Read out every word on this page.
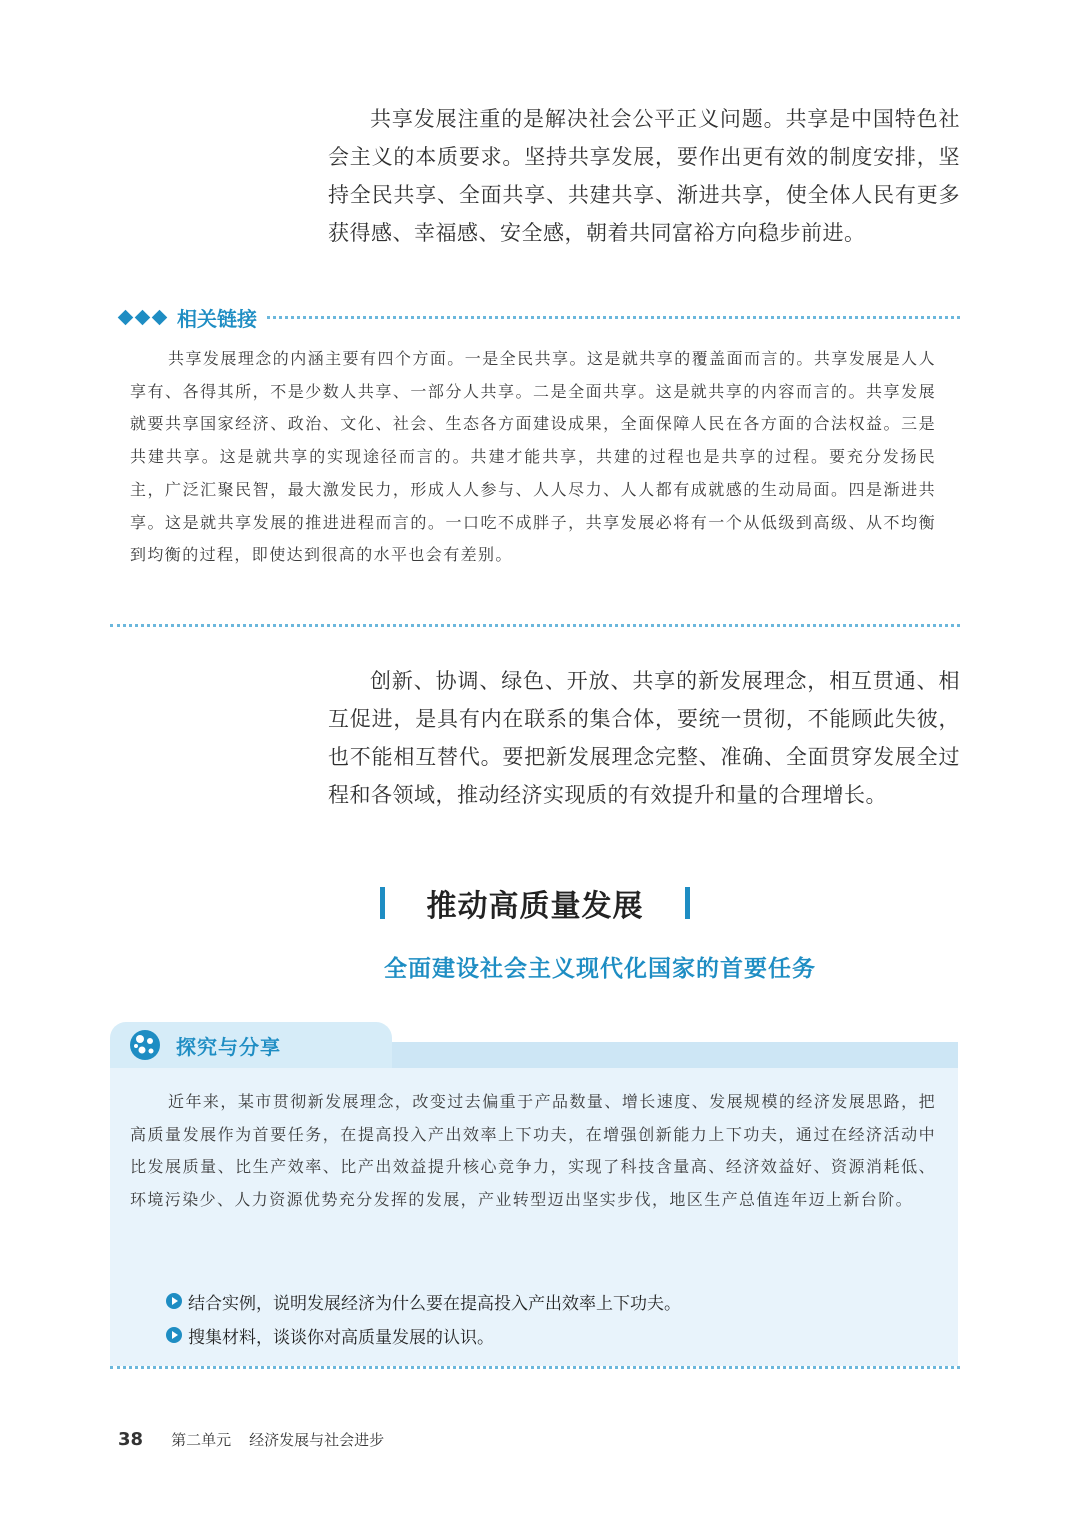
共享发展注重的是解决社会公平正义问题。共享是中国特色社会主义的本质要求。坚持共享发展，要作出更有效的制度安排，坚持全民共享、全面共享、共建共享、渐进共享，使全体人民有更多获得感、幸福感、安全感，朝着共同富裕方向稳步前进。

相关链接

共享发展理念的内涵主要有四个方面。一是全民共享。这是就共享的覆盖面而言的。共享发展是人人享有、各得其所，不是少数人共享、一部分人共享。二是全面共享。这是就共享的内容而言的。共享发展就要共享国家经济、政治、文化、社会、生态各方面建设成果，全面保障人民在各方面的合法权益。三是共建共享。这是就共享的实现途径而言的。共建才能共享，共建的过程也是共享的过程。要充分发扬民主，广泛汇聚民智，最大激发民力，形成人人参与、人人尽力、人人都有成就感的生动局面。四是渐进共享。这是就共享发展的推进进程而言的。一口吃不成胖子，共享发展必将有一个从低级到高级、从不均衡到均衡的过程，即使达到很高的水平也会有差别。

创新、协调、绿色、开放、共享的新发展理念，相互贯通、相互促进，是具有内在联系的集合体，要统一贯彻，不能顾此失彼，也不能相互替代。要把新发展理念完整、准确、全面贯穿发展全过程和各领域，推动经济实现质的有效提升和量的合理增长。

推动高质量发展

全面建设社会主义现代化国家的首要任务

探究与分享

近年来，某市贯彻新发展理念，改变过去偏重于产品数量、增长速度、发展规模的经济发展思路，把高质量发展作为首要任务，在提高投入产出效率上下功夫，在增强创新能力上下功夫，通过在经济活动中比发展质量、比生产效率、比产出效益提升核心竞争力，实现了科技含量高、经济效益好、资源消耗低、环境污染少、人力资源优势充分发挥的发展，产业转型迈出坚实步伐，地区生产总值连年迈上新台阶。

结合实例，说明发展经济为什么要在提高投入产出效率上下功夫。
搜集材料，谈谈你对高质量发展的认识。
38 第二单元 经济发展与社会进步
